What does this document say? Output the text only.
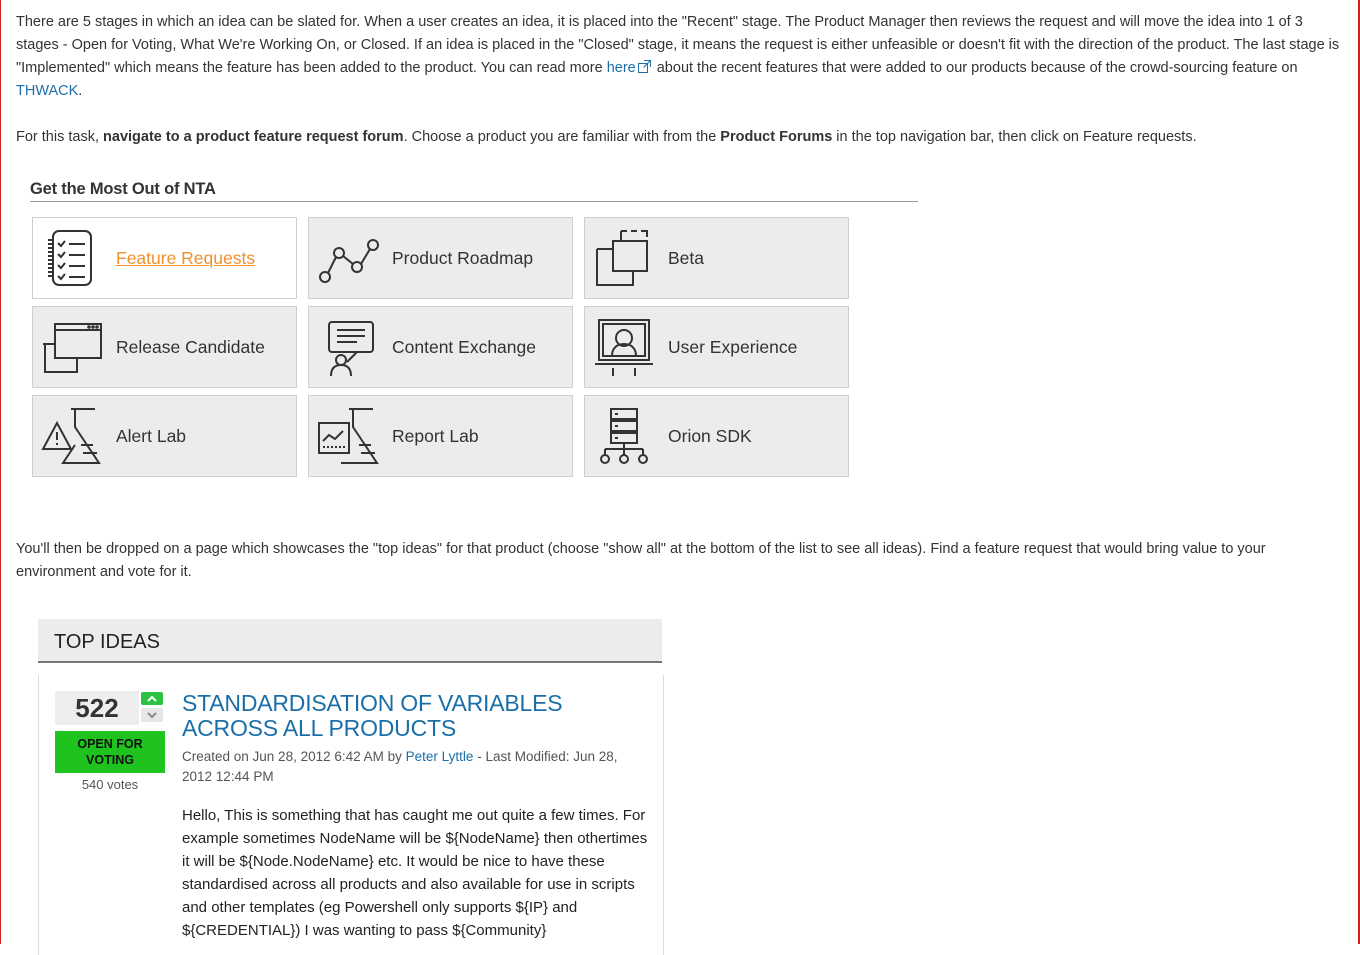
There are 5 stages in which an idea can be slated for. When a user creates an idea, it is placed into the "Recent" stage. The Product Manager then reviews the request and will move the idea into 1 of 3 stages - Open for Voting, What We're Working On, or Closed. If an idea is placed in the "Closed" stage, it means the request is either unfeasible or doesn't fit with the direction of the product. The last stage is "Implemented" which means the feature has been added to the product. You can read more here about the recent features that were added to our products because of the crowd-sourcing feature on THWACK.
For this task, navigate to a product feature request forum. Choose a product you are familiar with from the Product Forums in the top navigation bar, then click on Feature requests.
Get the Most Out of NTA
Feature Requests	Product Roadmap	Beta
Release Candidate	Content Exchange	User Experience
Alert Lab	Report Lab	Orion SDK
You'll then be dropped on a page which showcases the "top ideas" for that product (choose "show all" at the bottom of the list to see all ideas). Find a feature request that would bring value to your environment and vote for it.
TOP IDEAS
522
OPEN FOR VOTING
540 votes
STANDARDISATION OF VARIABLES ACROSS ALL PRODUCTS
Created on Jun 28, 2012 6:42 AM by Peter Lyttle - Last Modified: Jun 28, 2012 12:44 PM
Hello, This is something that has caught me out quite a few times. For example sometimes NodeName will be ${NodeName} then othertimes it will be ${Node.NodeName} etc. It would be nice to have these standardised across all products and also available for use in scripts and other templates (eg Powershell only supports ${IP} and ${CREDENTIAL}) I was wanting to pass ${Community}
